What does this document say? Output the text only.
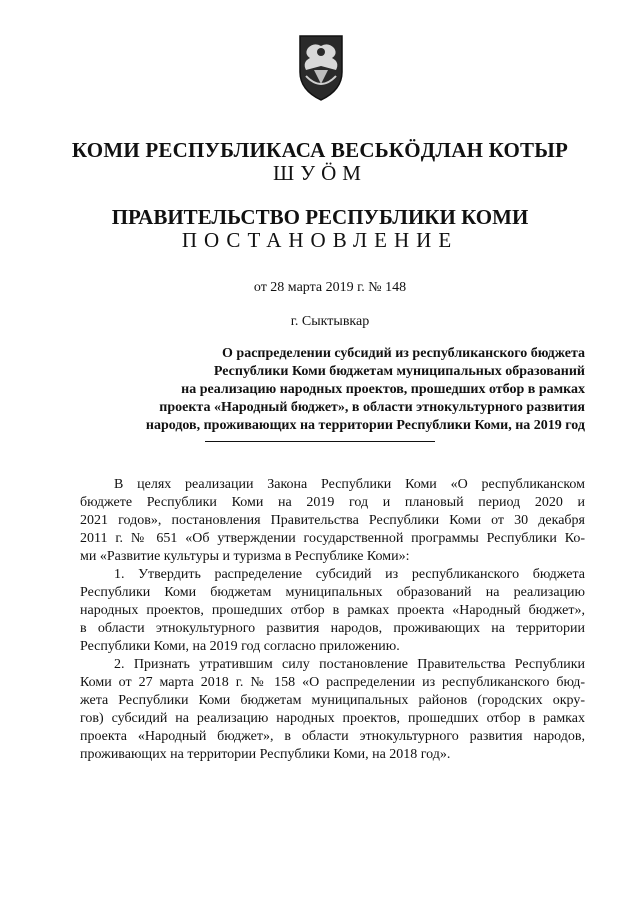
КОМИ РЕСПУБЛИКАСА ВЕСЬКÖДЛАН КОТЫР
ШУÖМ
ПРАВИТЕЛЬСТВО РЕСПУБЛИКИ КОМИ
ПОСТАНОВЛЕНИЕ
от 28 марта 2019 г. № 148
г. Сыктывкар
О распределении субсидий из республиканского бюджета
Республики Коми бюджетам муниципальных образований
на реализацию народных проектов, прошедших отбор в рамках
проекта «Народный бюджет», в области этнокультурного развития
народов, проживающих на территории Республики Коми, на 2019 год
В целях реализации Закона Республики Коми «О республиканском
бюджете Республики Коми на 2019 год и плановый период 2020 и
2021 годов», постановления Правительства Республики Коми от 30 декабря
2011 г. № 651 «Об утверждении государственной программы Республики Ко-
ми «Развитие культуры и туризма в Республике Коми»:
1. Утвердить распределение субсидий из республиканского бюджета
Республики Коми бюджетам муниципальных образований на реализацию
народных проектов, прошедших отбор в рамках проекта «Народный бюджет»,
в области этнокультурного развития народов, проживающих на территории
Республики Коми, на 2019 год согласно приложению.
2. Признать утратившим силу постановление Правительства Республики
Коми от 27 марта 2018 г. № 158 «О распределении из республиканского бюд-
жета Республики Коми бюджетам муниципальных районов (городских окру-
гов) субсидий на реализацию народных проектов, прошедших отбор в рамках
проекта «Народный бюджет», в области этнокультурного развития народов,
проживающих на территории Республики Коми, на 2018 год».
